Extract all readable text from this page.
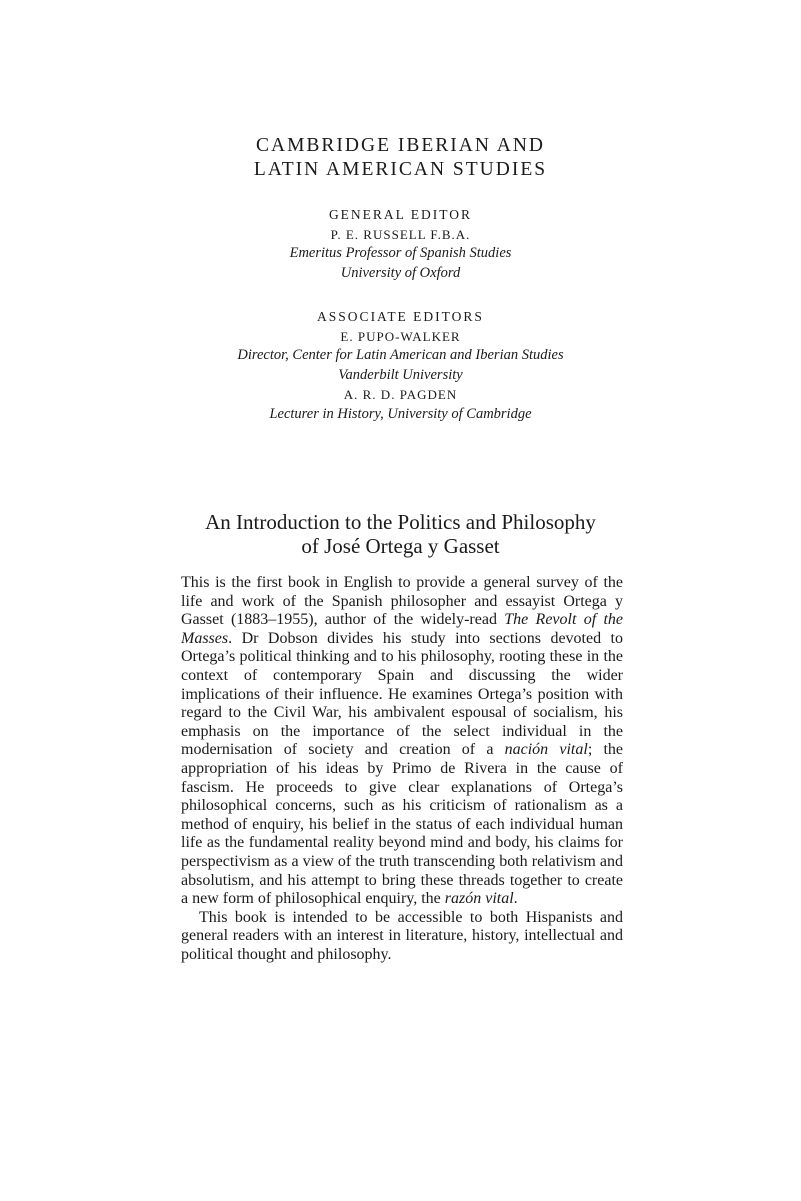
CAMBRIDGE IBERIAN AND
LATIN AMERICAN STUDIES
GENERAL EDITOR
P. E. RUSSELL F.B.A.
Emeritus Professor of Spanish Studies
University of Oxford
ASSOCIATE EDITORS
E. PUPO-WALKER
Director, Center for Latin American and Iberian Studies
Vanderbilt University
A. R. D. PAGDEN
Lecturer in History, University of Cambridge
An Introduction to the Politics and Philosophy
of José Ortega y Gasset

This is the first book in English to provide a general survey of the life and work of the Spanish philosopher and essayist Ortega y Gasset (1883–1955), author of the widely-read The Revolt of the Masses. Dr Dobson divides his study into sections devoted to Ortega’s political thinking and to his philosophy, rooting these in the context of contemporary Spain and discussing the wider implications of their influence. He examines Ortega’s position with regard to the Civil War, his ambivalent espousal of socialism, his emphasis on the importance of the select individual in the modernisation of society and creation of a nación vital; the appropriation of his ideas by Primo de Rivera in the cause of fascism. He proceeds to give clear explanations of Ortega’s philosophical concerns, such as his criticism of rationalism as a method of enquiry, his belief in the status of each individual human life as the fundamental reality beyond mind and body, his claims for perspectivism as a view of the truth transcending both relativism and absolutism, and his attempt to bring these threads together to create a new form of philosophical enquiry, the razón vital.

This book is intended to be accessible to both Hispanists and general readers with an interest in literature, history, intellectual and political thought and philosophy.
